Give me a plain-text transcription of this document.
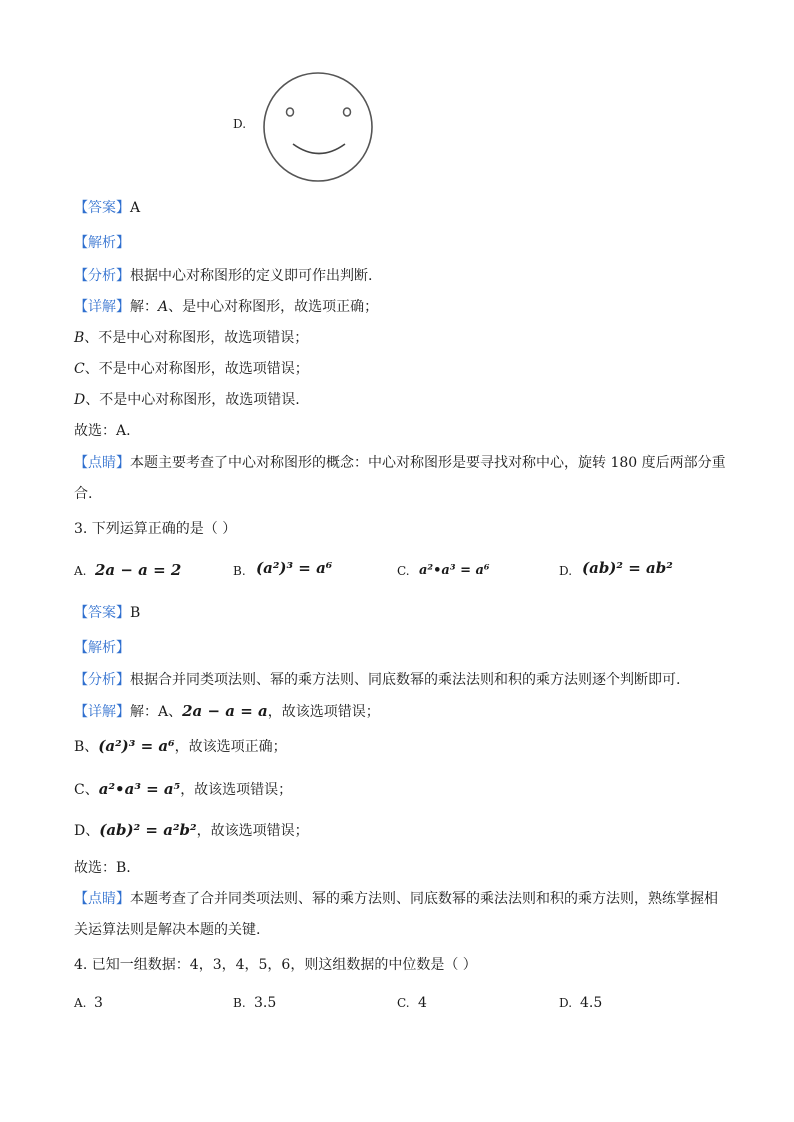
D.
【答案】A
【解析】
【分析】根据中心对称图形的定义即可作出判断.
【详解】解：A、是中心对称图形，故选项正确；
B、不是中心对称图形，故选项错误；
C、不是中心对称图形，故选项错误；
D、不是中心对称图形，故选项错误.
故选：A.
【点睛】本题主要考查了中心对称图形的概念：中心对称图形是要寻找对称中心，旋转 180 度后两部分重
合.
3. 下列运算正确的是（ ）
A. 2a − a = 2	B. (a²)³ = a⁶	C. a²•a³ = a⁶	D. (ab)² = ab²
【答案】B
【解析】
【分析】根据合并同类项法则、幂的乘方法则、同底数幂的乘法法则和积的乘方法则逐个判断即可.
【详解】解：A、2a − a = a，故该选项错误；
B、(a²)³ = a⁶，故该选项正确；
C、a²•a³ = a⁵，故该选项错误；
D、(ab)² = a²b²，故该选项错误；
故选：B.
【点睛】本题考查了合并同类项法则、幂的乘方法则、同底数幂的乘法法则和积的乘方法则，熟练掌握相
关运算法则是解决本题的关键.
4. 已知一组数据：4，3，4，5，6，则这组数据的中位数是（ ）
A. 3	B. 3.5	C. 4	D. 4.5
